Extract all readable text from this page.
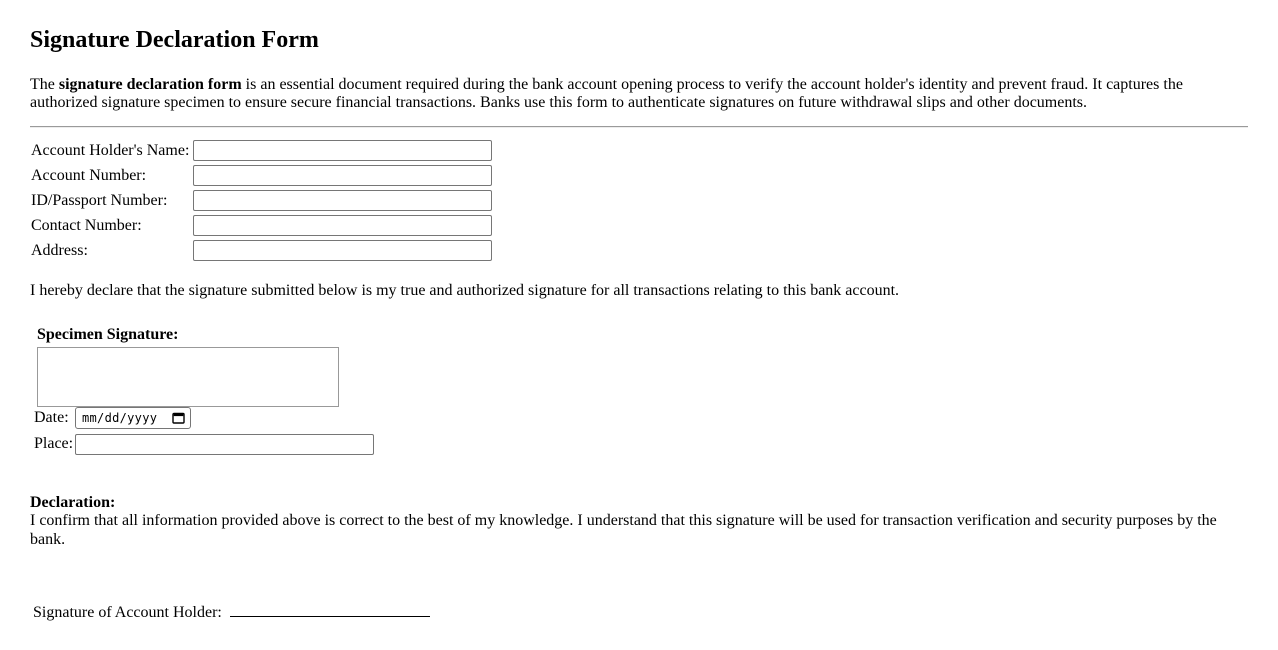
Signature Declaration Form

The signature declaration form is an essential document required during the bank account opening process to verify the account holder's identity and prevent fraud. It captures the authorized signature specimen to ensure secure financial transactions. Banks use this form to authenticate signatures on future withdrawal slips and other documents.

Account Holder's Name:
Account Number:
ID/Passport Number:
Contact Number:
Address:

I hereby declare that the signature submitted below is my true and authorized signature for all transactions relating to this bank account.

Specimen Signature:
Date:	mm/dd/yyyy
Place:

Declaration:
I confirm that all information provided above is correct to the best of my knowledge. I understand that this signature will be used for transaction verification and security purposes by the bank.

Signature of Account Holder:
